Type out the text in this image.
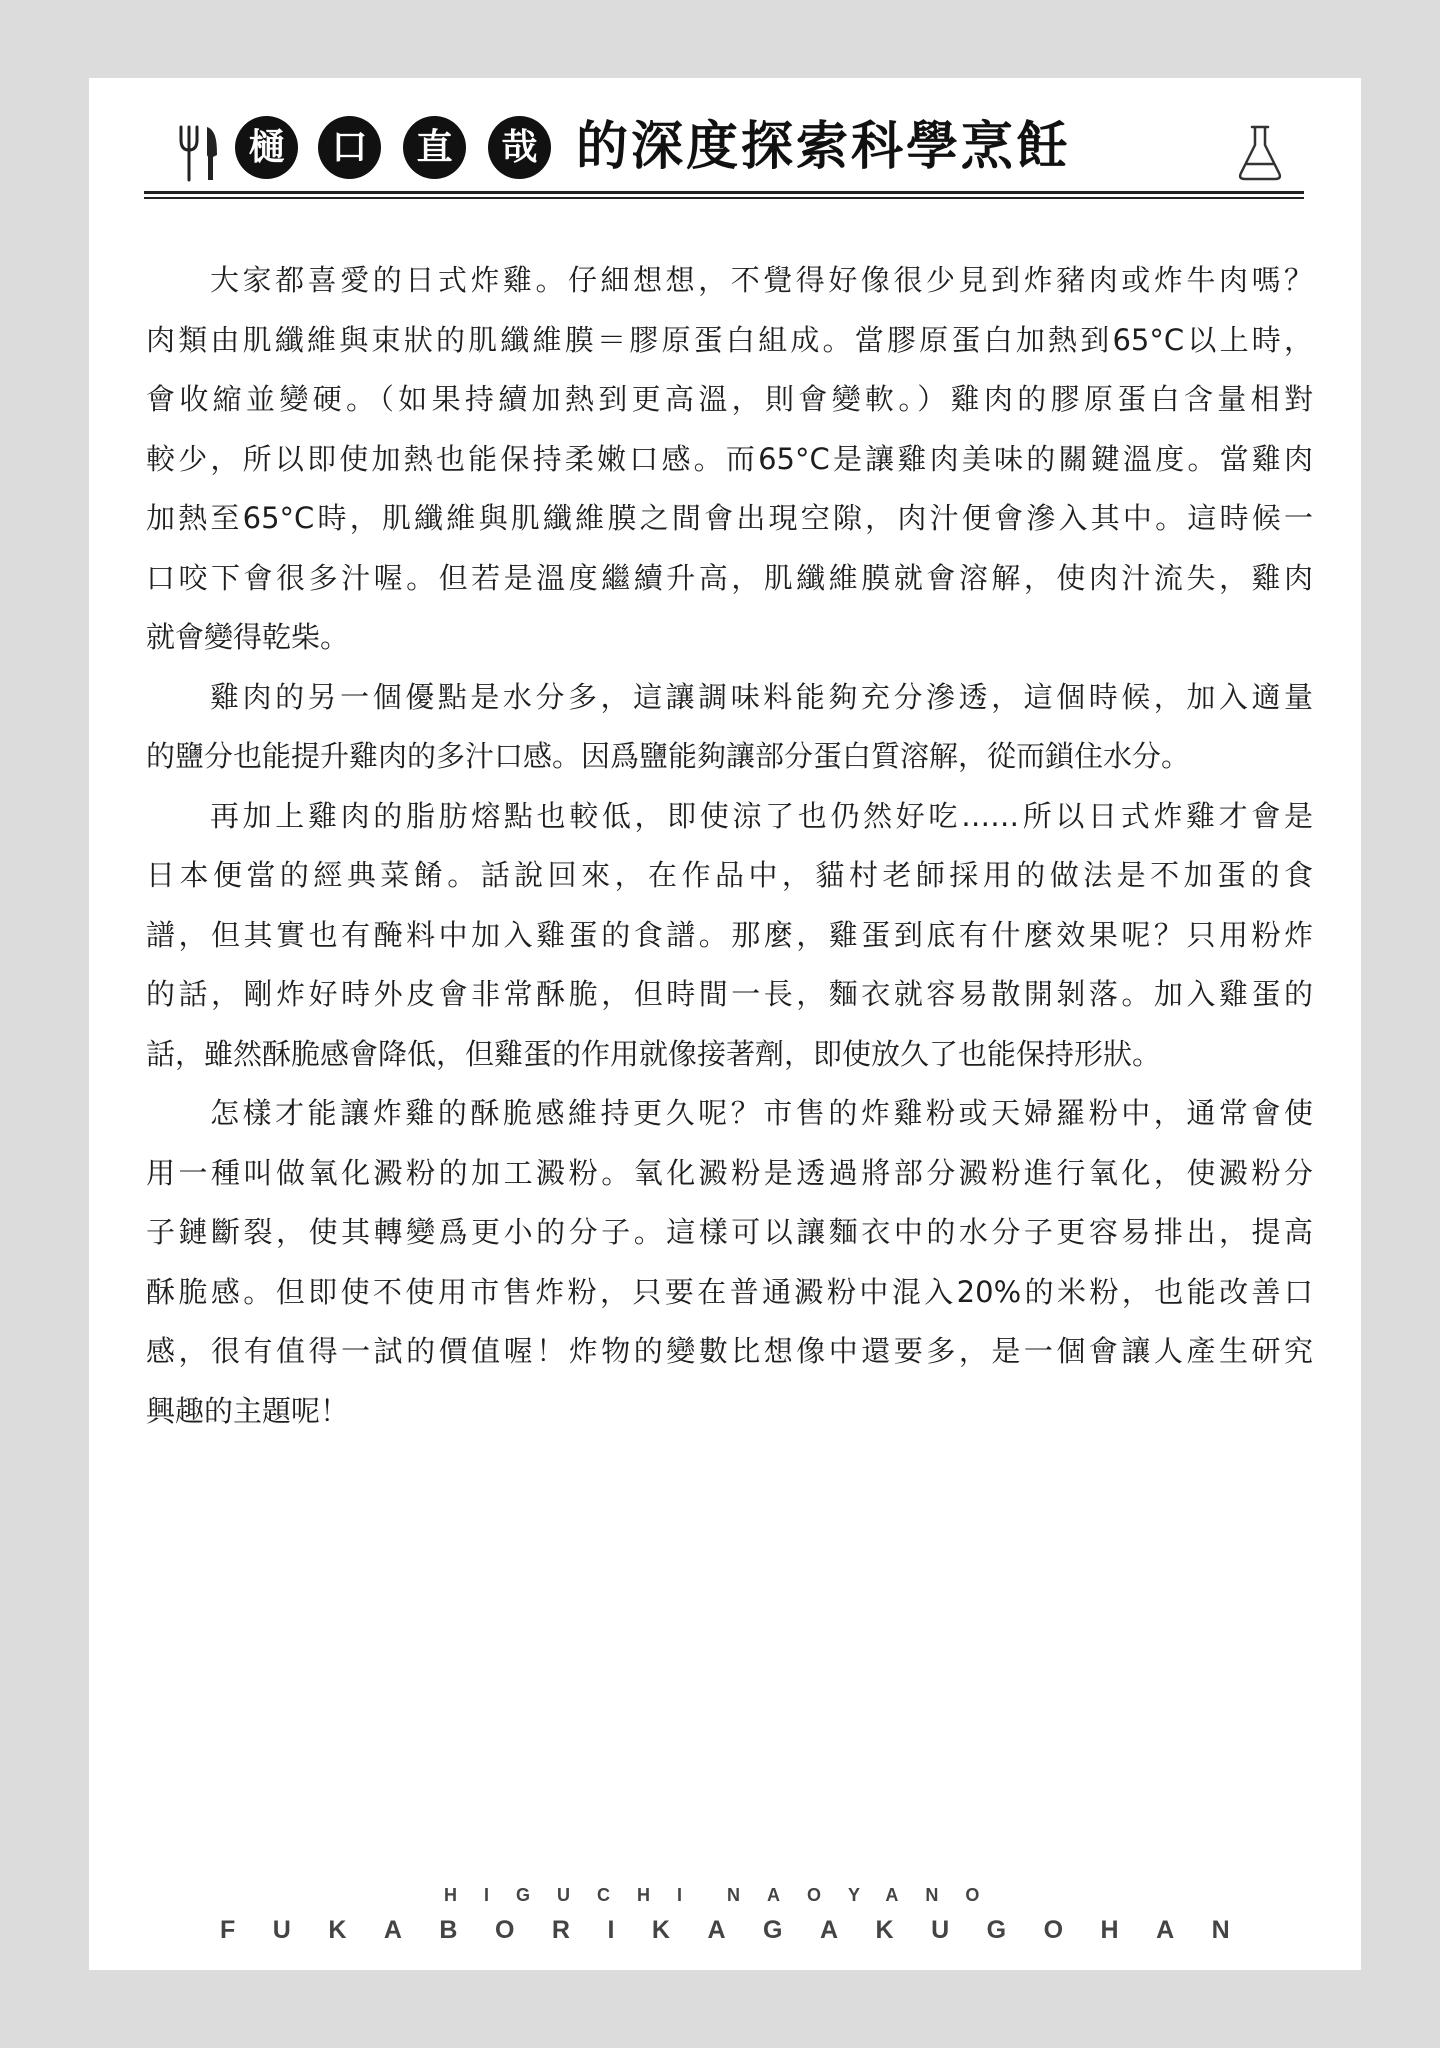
樋	口	直	哉 的深度探索科學烹飪
大家都喜愛的日式炸雞。仔細想想，不覺得好像很少見到炸豬肉或炸牛肉嗎？
肉類由肌纖維與束狀的肌纖維膜＝膠原蛋白組成。當膠原蛋白加熱到65°C以上時，
會收縮並變硬。（如果持續加熱到更高溫，則會變軟。）雞肉的膠原蛋白含量相對
較少，所以即使加熱也能保持柔嫩口感。而65°C是讓雞肉美味的關鍵溫度。當雞肉
加熱至65°C時，肌纖維與肌纖維膜之間會出現空隙，肉汁便會滲入其中。這時候一
口咬下會很多汁喔。但若是溫度繼續升高，肌纖維膜就會溶解，使肉汁流失，雞肉
就會變得乾柴。
雞肉的另一個優點是水分多，這讓調味料能夠充分滲透，這個時候，加入適量
的鹽分也能提升雞肉的多汁口感。因爲鹽能夠讓部分蛋白質溶解，從而鎖住水分。
再加上雞肉的脂肪熔點也較低，即使涼了也仍然好吃……所以日式炸雞才會是
日本便當的經典菜餚。話說回來，在作品中，貓村老師採用的做法是不加蛋的食
譜，但其實也有醃料中加入雞蛋的食譜。那麼，雞蛋到底有什麼效果呢？只用粉炸
的話，剛炸好時外皮會非常酥脆，但時間一長，麵衣就容易散開剝落。加入雞蛋的
話，雖然酥脆感會降低，但雞蛋的作用就像接著劑，即使放久了也能保持形狀。
怎樣才能讓炸雞的酥脆感維持更久呢？市售的炸雞粉或天婦羅粉中，通常會使
用一種叫做氧化澱粉的加工澱粉。氧化澱粉是透過將部分澱粉進行氧化，使澱粉分
子鏈斷裂，使其轉變爲更小的分子。這樣可以讓麵衣中的水分子更容易排出，提高
酥脆感。但即使不使用市售炸粉，只要在普通澱粉中混入20%的米粉，也能改善口
感，很有值得一試的價值喔！炸物的變數比想像中還要多，是一個會讓人產生研究
興趣的主題呢！
HIGUCHI NAOYANO
FUKABORIKAGAKUGOHAN
